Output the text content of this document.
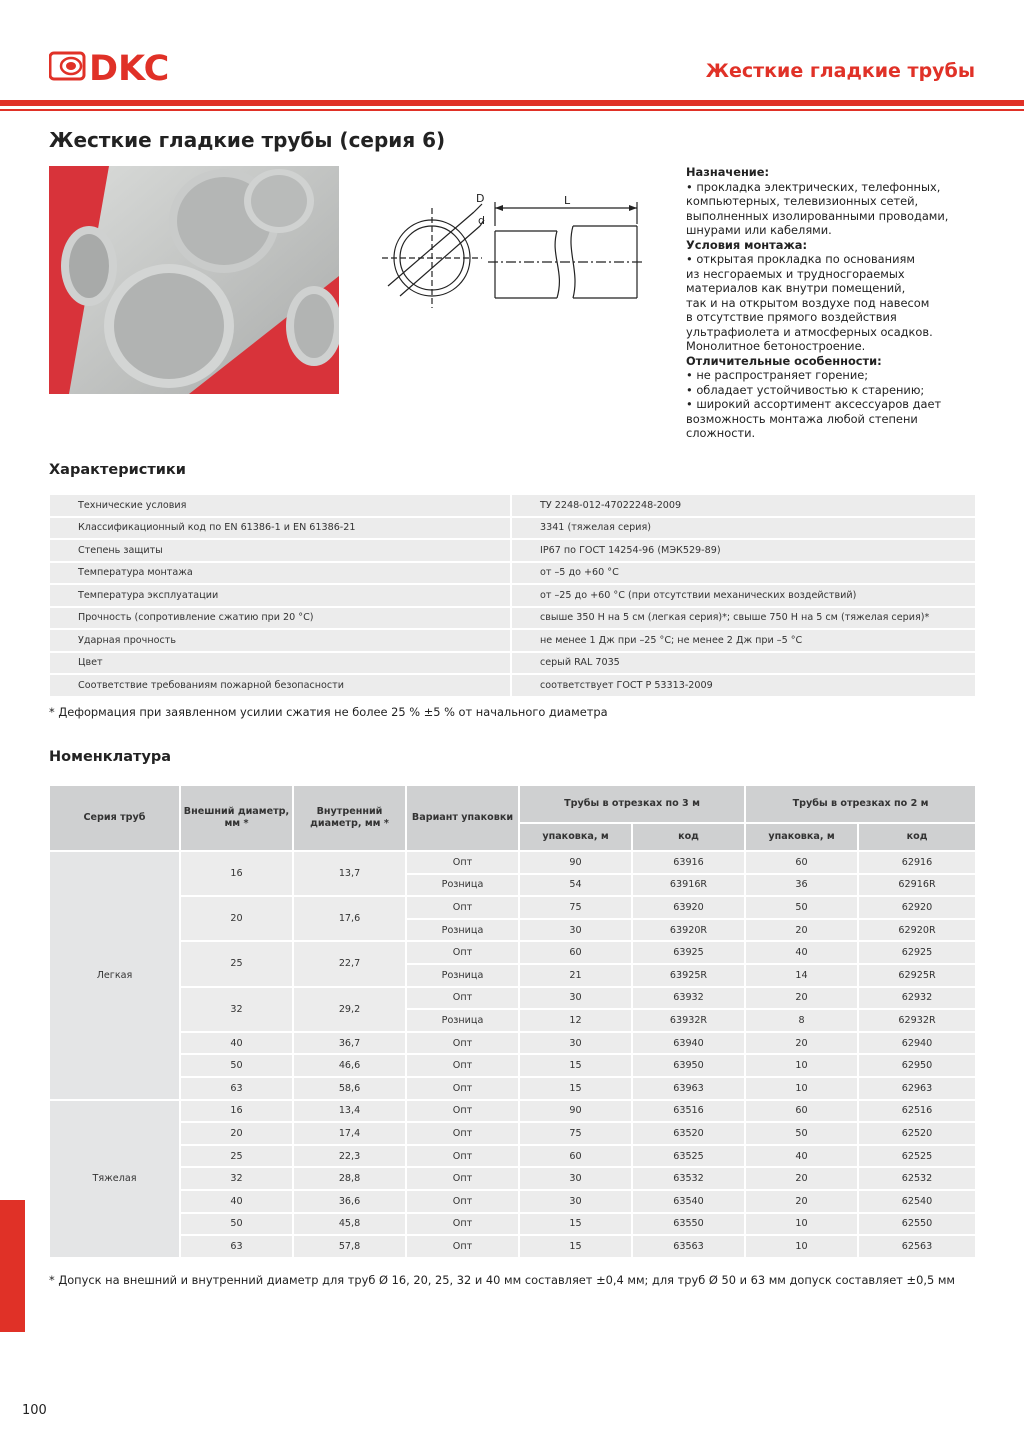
DKC	Жесткие гладкие трубы
Жесткие гладкие трубы (серия 6)
D
d
L
Назначение:
• прокладка электрических, телефонных,
компьютерных, телевизионных сетей,
выполненных изолированными проводами,
шнурами или кабелями.
Условия монтажа:
• открытая прокладка по основаниям
из несгораемых и трудносгораемых
материалов как внутри помещений,
так и на открытом воздухе под навесом
в отсутствие прямого воздействия
ультрафиолета и атмосферных осадков.
Монолитное бетоностроение.
Отличительные особенности:
• не распространяет горение;
• обладает устойчивостью к старению;
• широкий ассортимент аксессуаров дает
возможность монтажа любой степени
сложности.
Характеристики
Технические условия	ТУ 2248-012-47022248-2009
Классификационный код по EN 61386-1 и EN 61386-21	3341 (тяжелая серия)
Степень защиты	IP67 по ГОСТ 14254-96 (МЭК529-89)
Температура монтажа	от –5 до +60 °С
Температура эксплуатации	от –25 до +60 °С (при отсутствии механических воздействий)
Прочность (сопротивление сжатию при 20 °С)	свыше 350 Н на 5 см (легкая серия)*; свыше 750 Н на 5 см (тяжелая серия)*
Ударная прочность	не менее 1 Дж при –25 °С; не менее 2 Дж при –5 °С
Цвет	серый RAL 7035
Соответствие требованиям пожарной безопасности	соответствует ГОСТ Р 53313-2009
* Деформация при заявленном усилии сжатия не более 25 % ±5 % от начального диаметра
Номенклатура
Серия труб	Внешний диаметр, мм *	Внутренний диаметр, мм *	Вариант упаковки	Трубы в отрезках по 3 м		Трубы в отрезках по 2 м	
				упаковка, м	код	упаковка, м	код
Легкая	16	13,7	Опт	90	63916	60	62916
			Розница	54	63916R	36	62916R
	20	17,6	Опт	75	63920	50	62920
			Розница	30	63920R	20	62920R
	25	22,7	Опт	60	63925	40	62925
			Розница	21	63925R	14	62925R
	32	29,2	Опт	30	63932	20	62932
			Розница	12	63932R	8	62932R
	40	36,7	Опт	30	63940	20	62940
	50	46,6	Опт	15	63950	10	62950
	63	58,6	Опт	15	63963	10	62963
Тяжелая	16	13,4	Опт	90	63516	60	62516
	20	17,4	Опт	75	63520	50	62520
	25	22,3	Опт	60	63525	40	62525
	32	28,8	Опт	30	63532	20	62532
	40	36,6	Опт	30	63540	20	62540
	50	45,8	Опт	15	63550	10	62550
	63	57,8	Опт	15	63563	10	62563
* Допуск на внешний и внутренний диаметр для труб Ø 16, 20, 25, 32 и 40 мм составляет ±0,4 мм; для труб Ø 50 и 63 мм допуск составляет ±0,5 мм
100
